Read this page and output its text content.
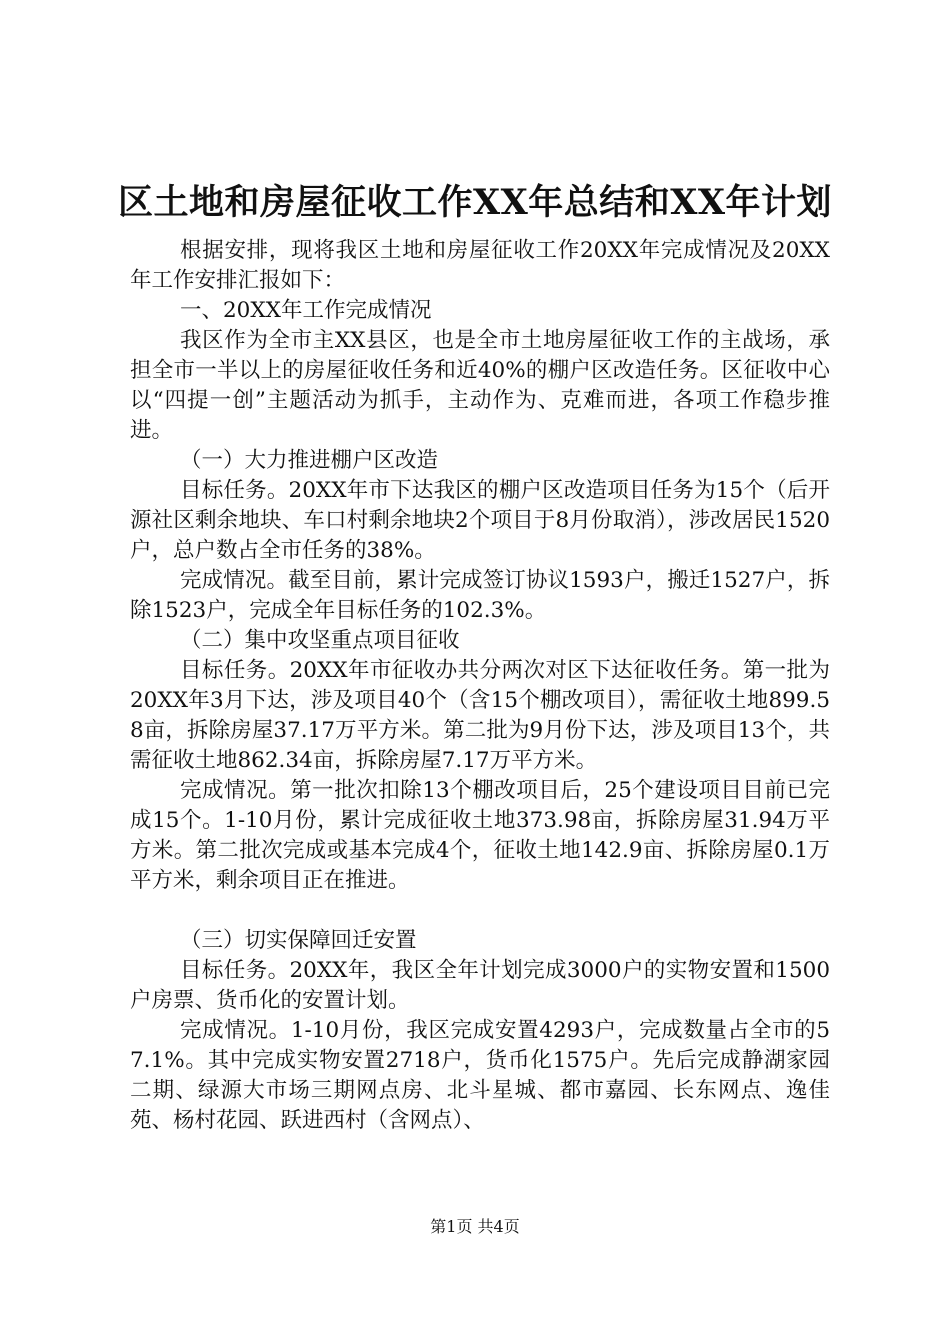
区土地和房屋征收工作XX年总结和XX年计划

根据安排，现将我区土地和房屋征收工作20XX年完成情况及20XX年工作安排汇报如下：

一、20XX年工作完成情况

我区作为全市主XX县区，也是全市土地房屋征收工作的主战场，承担全市一半以上的房屋征收任务和近40%的棚户区改造任务。区征收中心以“四提一创”主题活动为抓手，主动作为、克难而进，各项工作稳步推进。

（一）大力推进棚户区改造

目标任务。20XX年市下达我区的棚户区改造项目任务为15个（后开源社区剩余地块、车口村剩余地块2个项目于8月份取消），涉改居民1520户，总户数占全市任务的38%。

完成情况。截至目前，累计完成签订协议1593户，搬迁1527户，拆除1523户，完成全年目标任务的102.3%。

（二）集中攻坚重点项目征收

目标任务。20XX年市征收办共分两次对区下达征收任务。第一批为20XX年3月下达，涉及项目40个（含15个棚改项目），需征收土地899.58亩，拆除房屋37.17万平方米。第二批为9月份下达，涉及项目13个，共需征收土地862.34亩，拆除房屋7.17万平方米。

完成情况。第一批次扣除13个棚改项目后，25个建设项目目前已完成15个。1-10月份，累计完成征收土地373.98亩，拆除房屋31.94万平方米。第二批次完成或基本完成4个，征收土地142.9亩、拆除房屋0.1万平方米，剩余项目正在推进。

（三）切实保障回迁安置

目标任务。20XX年，我区全年计划完成3000户的实物安置和1500户房票、货币化的安置计划。

完成情况。1-10月份，我区完成安置4293户，完成数量占全市的57.1%。其中完成实物安置2718户，货币化1575户。先后完成静湖家园二期、绿源大市场三期网点房、北斗星城、都市嘉园、长东网点、逸佳苑、杨村花园、跃进西村（含网点）、

第1页 共4页
